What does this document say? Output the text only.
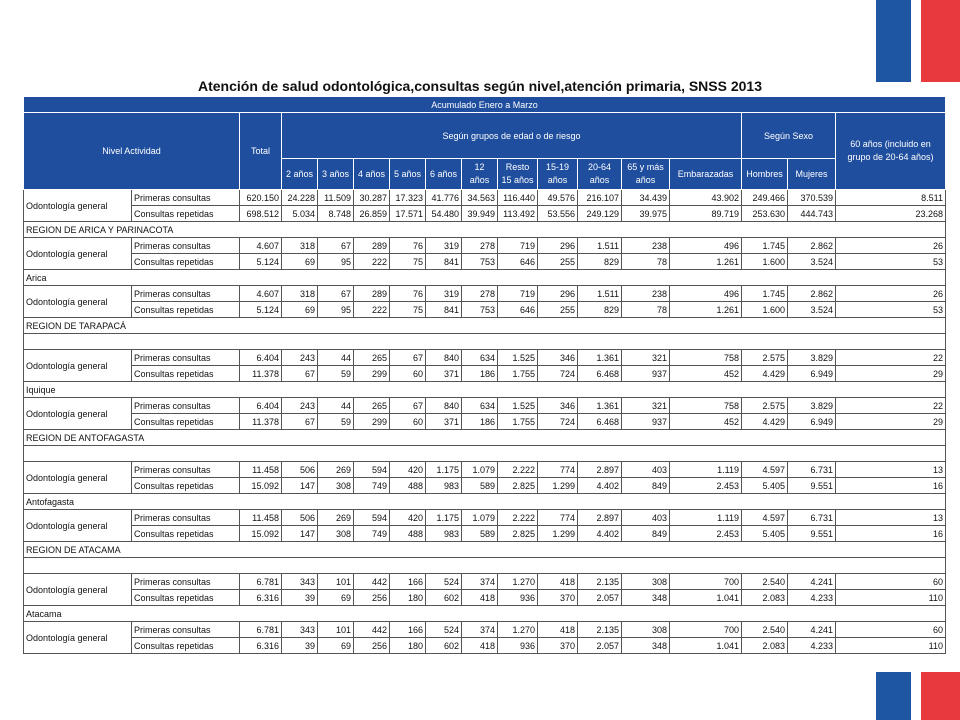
Atención de salud odontológica,consultas según nivel,atención primaria, SNSS 2013
Acumulado Enero a Marzo																
Nivel Actividad		Total	Según grupos de edad o de riesgo											Según Sexo		60 años (incluido en grupo de 20-64 años)
			2 años	3 años	4 años	5 años	6 años	12 años	Resto 15 años	15-19 años	20-64 años	65 y más años	Embarazadas	Hombres	Mujeres	
Odontología general	Primeras consultas	620.150	24.228	11.509	30.287	17.323	41.776	34.563	116.440	49.576	216.107	34.439	43.902	249.466	370.539	8.511
	Consultas repetidas	698.512	5.034	8.748	26.859	17.571	54.480	39.949	113.492	53.556	249.129	39.975	89.719	253.630	444.743	23.268
REGION DE ARICA Y PARINACOTA																
Odontología general	Primeras consultas	4.607	318	67	289	76	319	278	719	296	1.511	238	496	1.745	2.862	26
	Consultas repetidas	5.124	69	95	222	75	841	753	646	255	829	78	1.261	1.600	3.524	53
Arica																
Odontología general	Primeras consultas	4.607	318	67	289	76	319	278	719	296	1.511	238	496	1.745	2.862	26
	Consultas repetidas	5.124	69	95	222	75	841	753	646	255	829	78	1.261	1.600	3.524	53
REGION DE TARAPACÁ																

Odontología general	Primeras consultas	6.404	243	44	265	67	840	634	1.525	346	1.361	321	758	2.575	3.829	22
	Consultas repetidas	11.378	67	59	299	60	371	186	1.755	724	6.468	937	452	4.429	6.949	29
Iquique																
Odontología general	Primeras consultas	6.404	243	44	265	67	840	634	1.525	346	1.361	321	758	2.575	3.829	22
	Consultas repetidas	11.378	67	59	299	60	371	186	1.755	724	6.468	937	452	4.429	6.949	29
REGION DE ANTOFAGASTA																

Odontología general	Primeras consultas	11.458	506	269	594	420	1.175	1.079	2.222	774	2.897	403	1.119	4.597	6.731	13
	Consultas repetidas	15.092	147	308	749	488	983	589	2.825	1.299	4.402	849	2.453	5.405	9.551	16
Antofagasta																
Odontología general	Primeras consultas	11.458	506	269	594	420	1.175	1.079	2.222	774	2.897	403	1.119	4.597	6.731	13
	Consultas repetidas	15.092	147	308	749	488	983	589	2.825	1.299	4.402	849	2.453	5.405	9.551	16
REGION DE ATACAMA																

Odontología general	Primeras consultas	6.781	343	101	442	166	524	374	1.270	418	2.135	308	700	2.540	4.241	60
	Consultas repetidas	6.316	39	69	256	180	602	418	936	370	2.057	348	1.041	2.083	4.233	110
Atacama																
Odontología general	Primeras consultas	6.781	343	101	442	166	524	374	1.270	418	2.135	308	700	2.540	4.241	60
	Consultas repetidas	6.316	39	69	256	180	602	418	936	370	2.057	348	1.041	2.083	4.233	110
